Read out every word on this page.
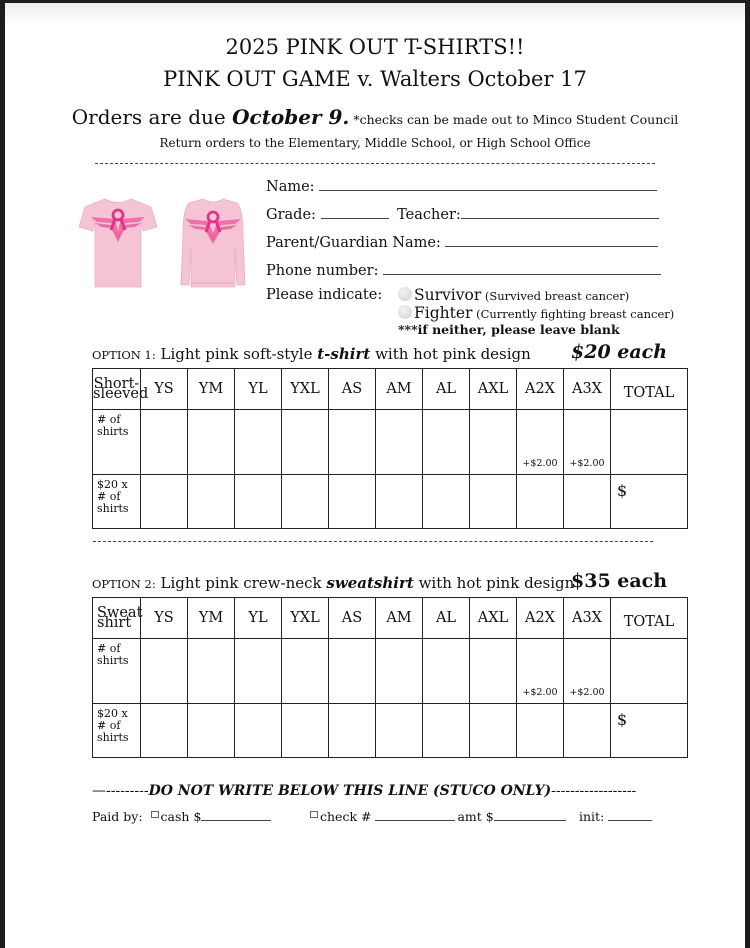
2025 PINK OUT T-SHIRTS!!
PINK OUT GAME v. Walters October 17
Orders are due October 9. *checks can be made out to Minco Student Council
Return orders to the Elementary, Middle School, or High School Office
Name:
Grade:	Teacher:
Parent/Guardian Name:
Phone number:
Please indicate:	Survivor (Survived breast cancer)
Fighter (Currently fighting breast cancer)
***if neither, please leave blank
OPTION 1: Light pink soft-style t-shirt with hot pink design $20 each
Short-sleeved	YS	YM	YL	YXL	AS	AM	AL	AXL	A2X	A3X	TOTAL
# of shirts									+$2.00	+$2.00	

$20 x # of shirts											$
OPTION 2: Light pink crew-neck sweatshirt with hot pink design
$35 each
Sweat shirt	YS	YM	YL	YXL	AS	AM	AL	AXL	A2X	A3X	TOTAL
# of shirts									+$2.00	+$2.00	

$20 x # of shirts											$
—---------DO NOT WRITE BELOW THIS LINE (STUCO ONLY)------------------
Paid by: cash $	check #	amt $	init:
